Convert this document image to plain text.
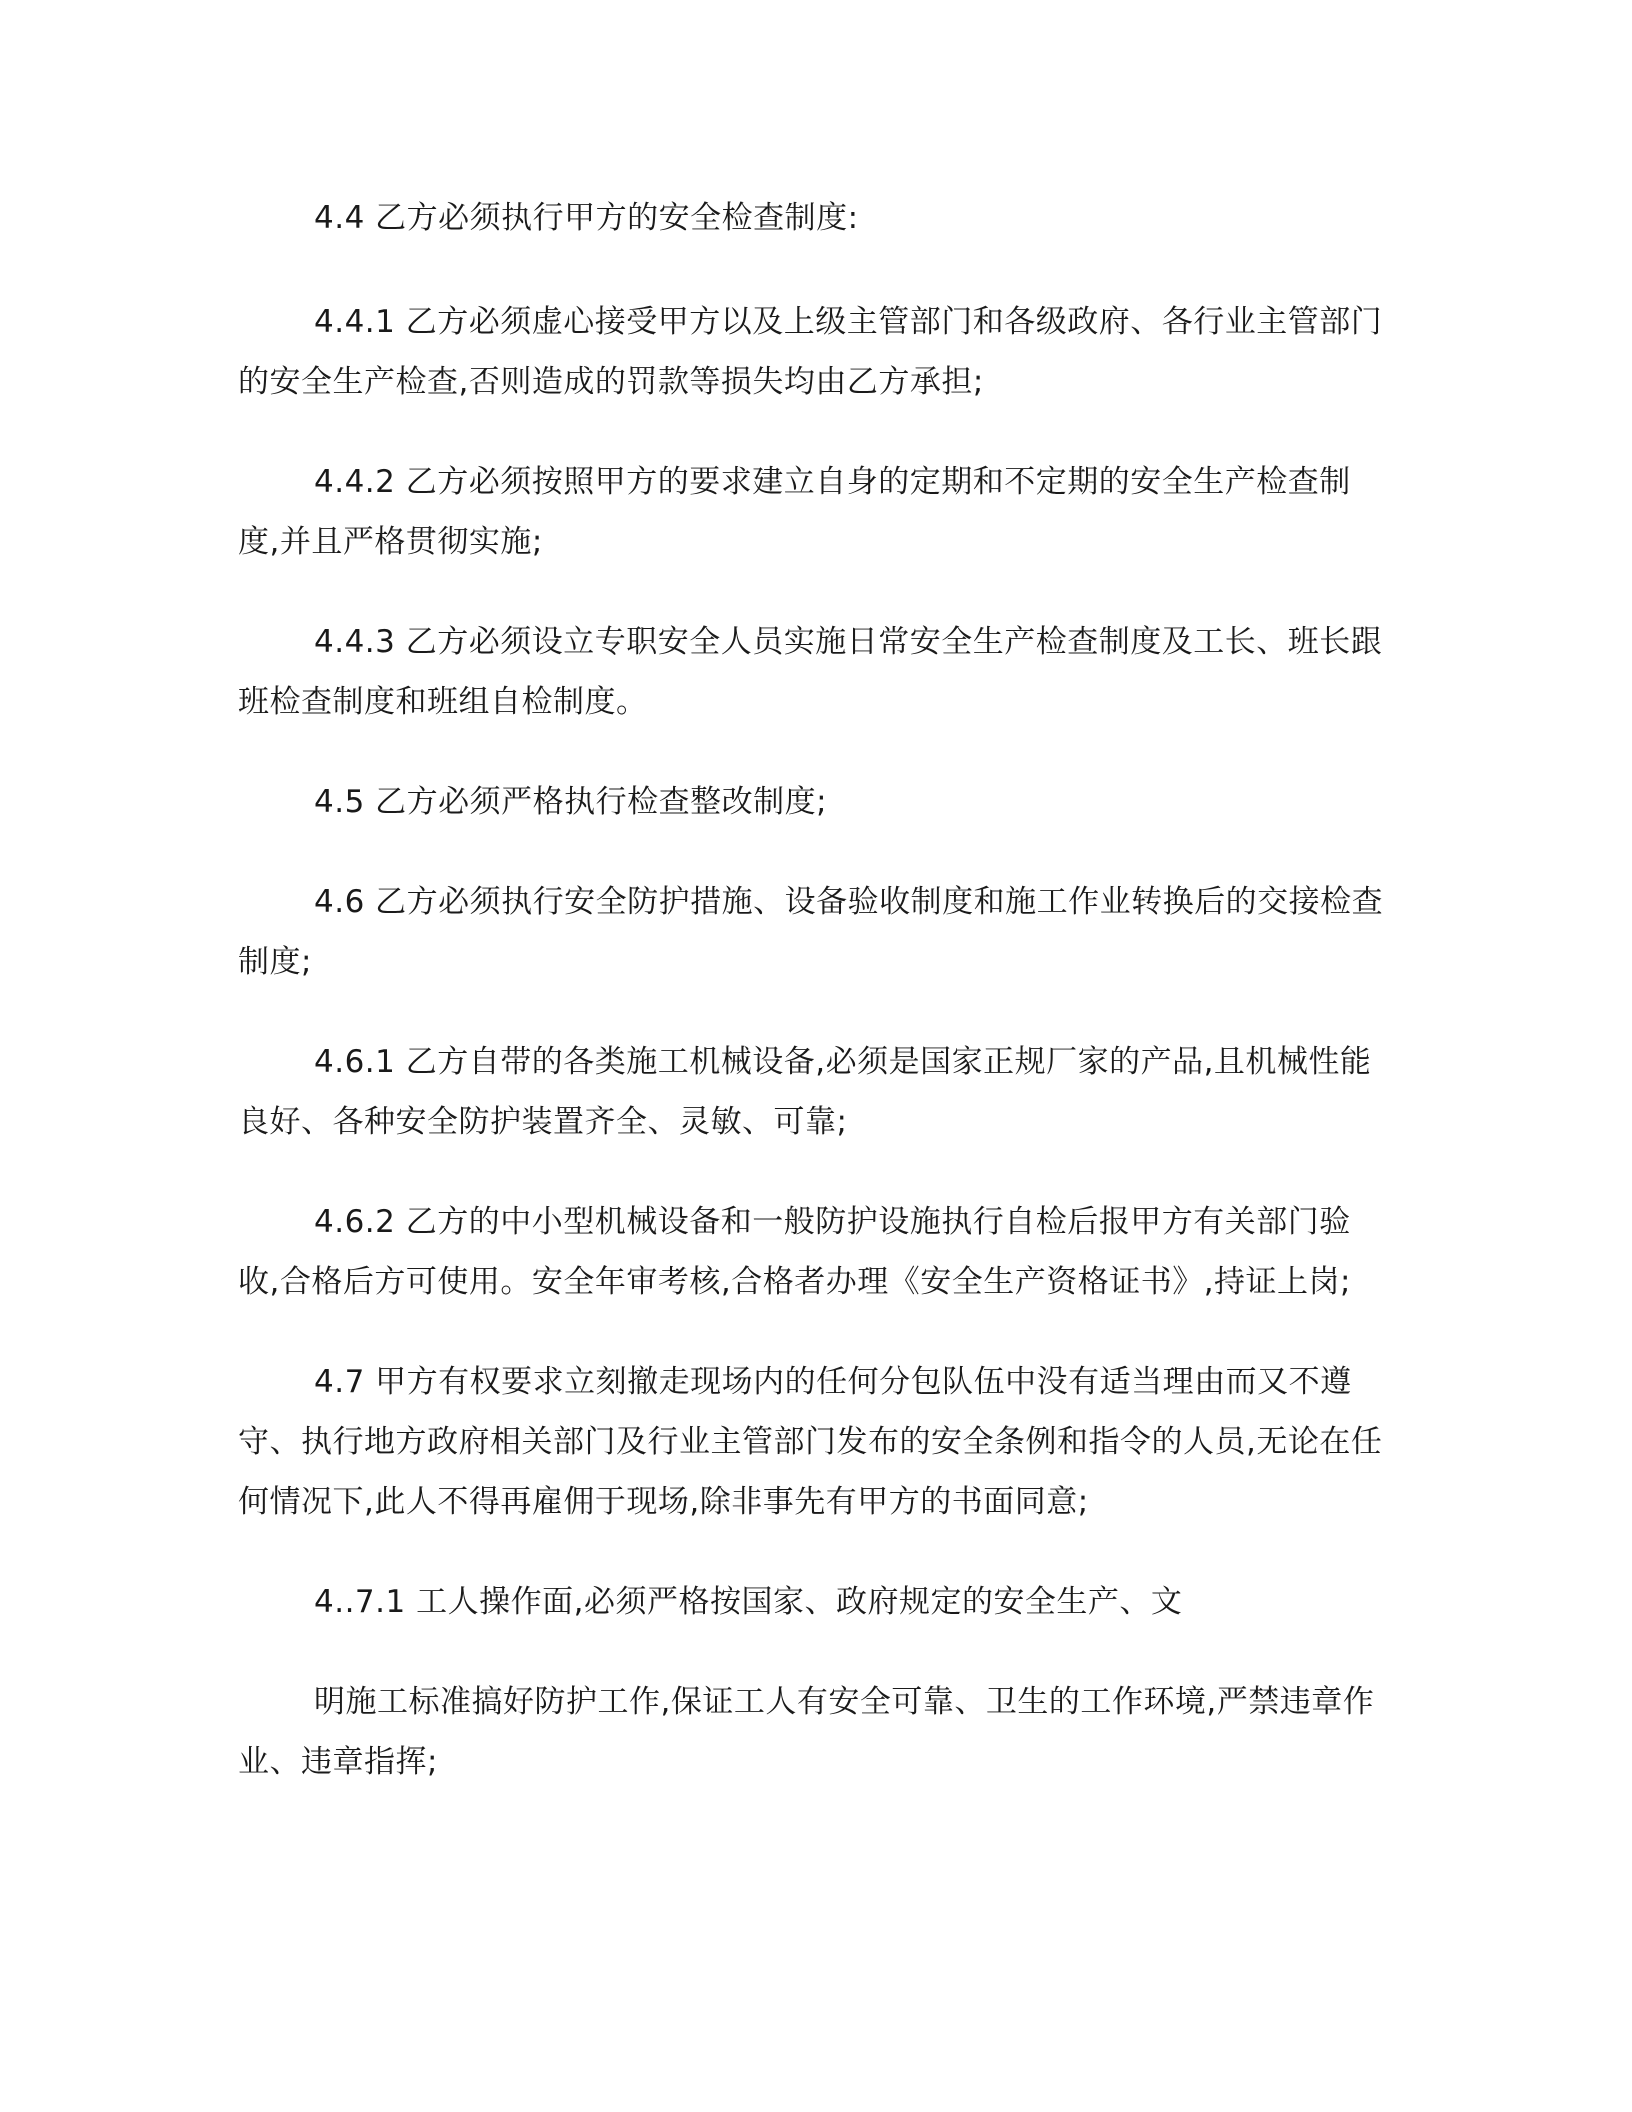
4.4 乙方必须执行甲方的安全检查制度:

4.4.1 乙方必须虚心接受甲方以及上级主管部门和各级政府、各行业主管部门的安全生产检查,否则造成的罚款等损失均由乙方承担;

4.4.2 乙方必须按照甲方的要求建立自身的定期和不定期的安全生产检查制度,并且严格贯彻实施;

4.4.3 乙方必须设立专职安全人员实施日常安全生产检查制度及工长、班长跟班检查制度和班组自检制度。

4.5 乙方必须严格执行检查整改制度;

4.6 乙方必须执行安全防护措施、设备验收制度和施工作业转换后的交接检查制度;

4.6.1 乙方自带的各类施工机械设备,必须是国家正规厂家的产品,且机械性能良好、各种安全防护装置齐全、灵敏、可靠;

4.6.2 乙方的中小型机械设备和一般防护设施执行自检后报甲方有关部门验收,合格后方可使用。安全年审考核,合格者办理《安全生产资格证书》,持证上岗;

4.7 甲方有权要求立刻撤走现场内的任何分包队伍中没有适当理由而又不遵守、执行地方政府相关部门及行业主管部门发布的安全条例和指令的人员,无论在任何情况下,此人不得再雇佣于现场,除非事先有甲方的书面同意;

4..7.1 工人操作面,必须严格按国家、政府规定的安全生产、文

明施工标准搞好防护工作,保证工人有安全可靠、卫生的工作环境,严禁违章作业、违章指挥;
